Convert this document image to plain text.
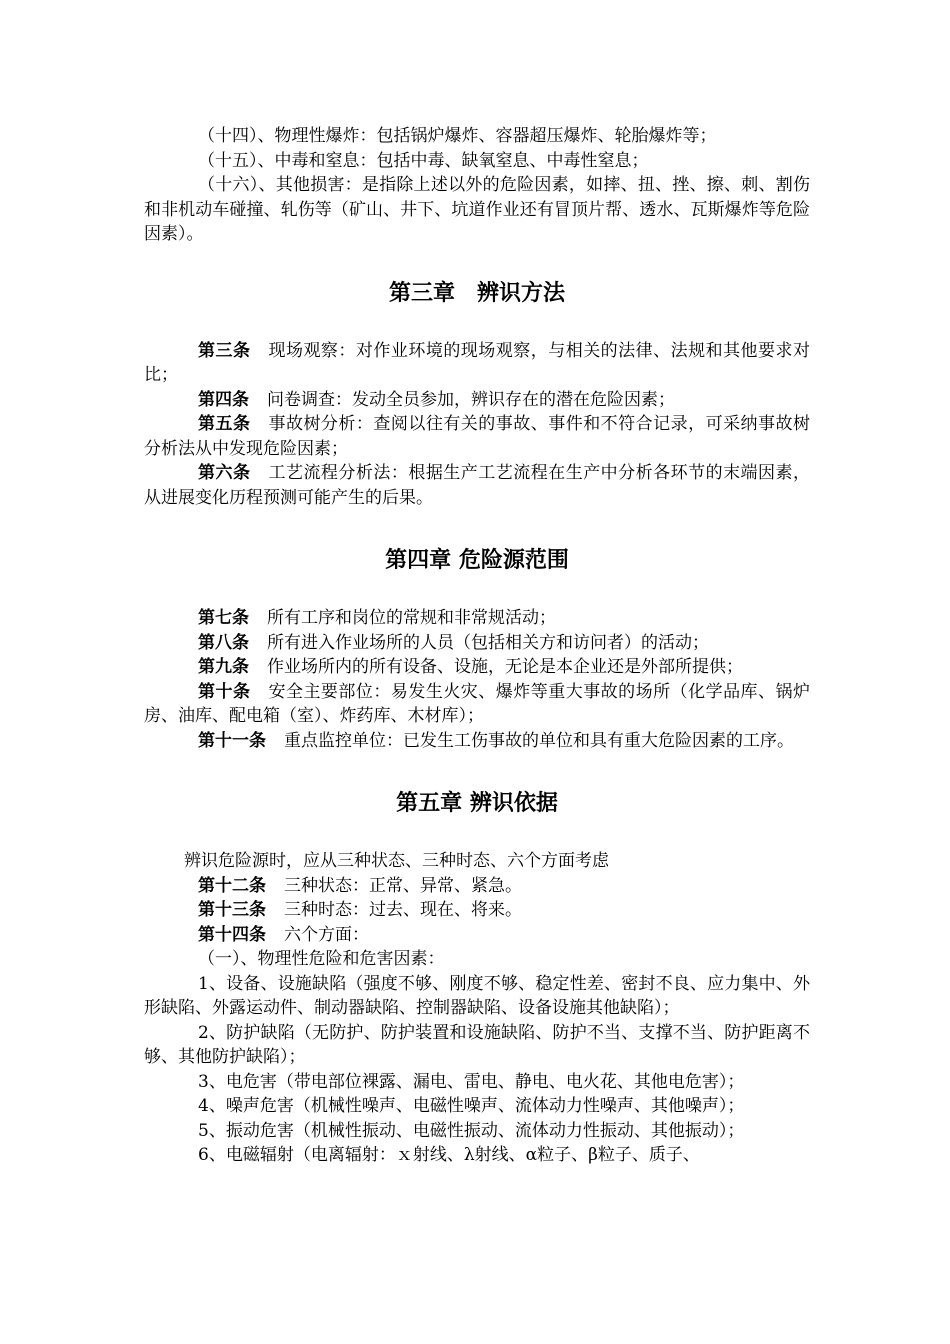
（十四）、物理性爆炸：包括锅炉爆炸、容器超压爆炸、轮胎爆炸等；

（十五）、中毒和窒息：包括中毒、缺氧窒息、中毒性窒息；

（十六）、其他损害：是指除上述以外的危险因素，如摔、扭、挫、擦、刺、割伤和非机动车碰撞、轧伤等（矿山、井下、坑道作业还有冒顶片帮、透水、瓦斯爆炸等危险因素）。

第三章　辨识方法

第三条 现场观察：对作业环境的现场观察，与相关的法律、法规和其他要求对比；

第四条 问卷调查：发动全员参加，辨识存在的潜在危险因素；

第五条 事故树分析：查阅以往有关的事故、事件和不符合记录，可采纳事故树分析法从中发现危险因素；

第六条 工艺流程分析法：根据生产工艺流程在生产中分析各环节的末端因素，从进展变化历程预测可能产生的后果。

第四章 危险源范围

第七条 所有工序和岗位的常规和非常规活动；

第八条 所有进入作业场所的人员（包括相关方和访问者）的活动；

第九条 作业场所内的所有设备、设施，无论是本企业还是外部所提供；

第十条 安全主要部位：易发生火灾、爆炸等重大事故的场所（化学品库、锅炉房、油库、配电箱（室）、炸药库、木材库）；

第十一条 重点监控单位：已发生工伤事故的单位和具有重大危险因素的工序。

第五章 辨识依据

辨识危险源时，应从三种状态、三种时态、六个方面考虑

第十二条 三种状态：正常、异常、紧急。

第十三条 三种时态：过去、现在、将来。

第十四条 六个方面：

（一）、物理性危险和危害因素：

1、设备、设施缺陷（强度不够、刚度不够、稳定性差、密封不良、应力集中、外形缺陷、外露运动件、制动器缺陷、控制器缺陷、设备设施其他缺陷）；

2、防护缺陷（无防护、防护装置和设施缺陷、防护不当、支撑不当、防护距离不够、其他防护缺陷）；

3、电危害（带电部位裸露、漏电、雷电、静电、电火花、其他电危害）；

4、噪声危害（机械性噪声、电磁性噪声、流体动力性噪声、其他噪声）；

5、振动危害（机械性振动、电磁性振动、流体动力性振动、其他振动）；

6、电磁辐射（电离辐射：ｘ射线、λ射线、α粒子、β粒子、质子、
